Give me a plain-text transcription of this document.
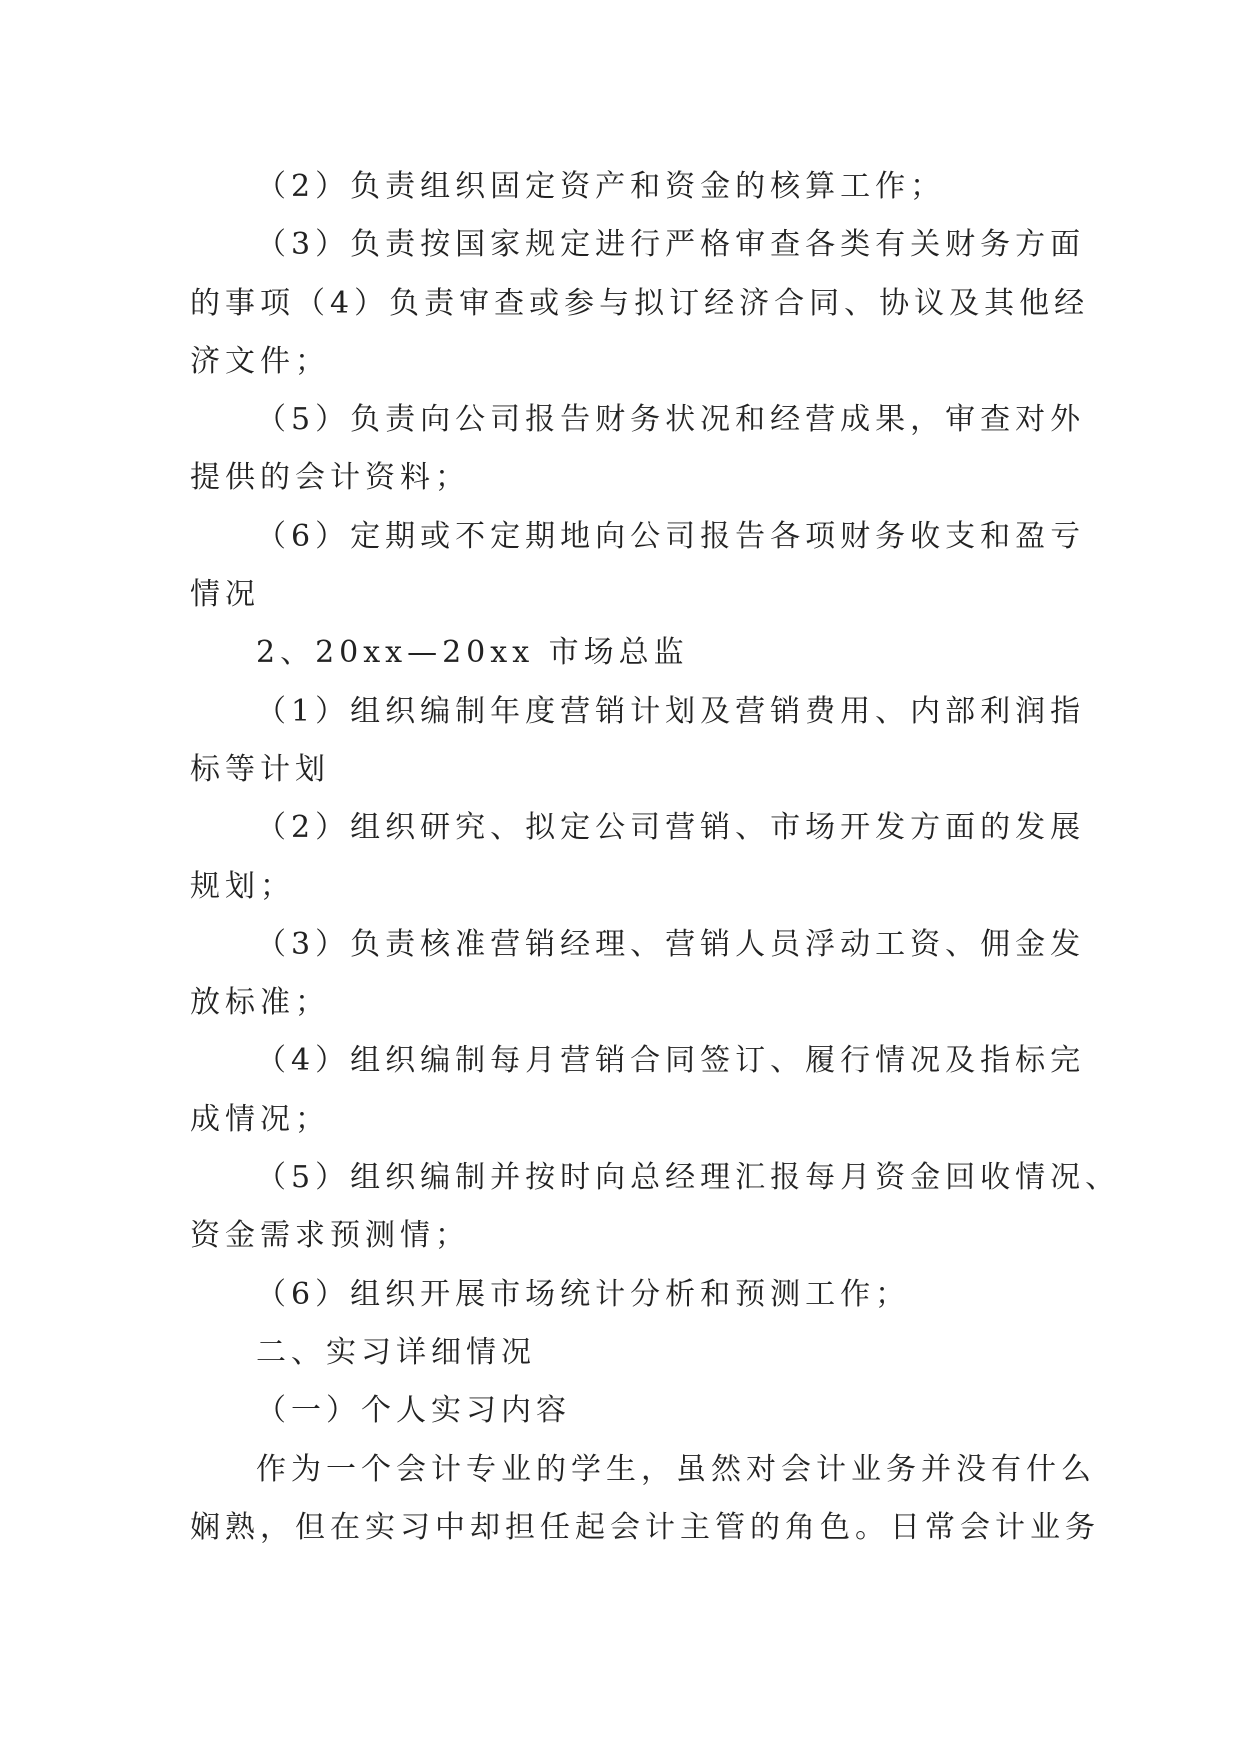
（2）负责组织固定资产和资金的核算工作；
（3）负责按国家规定进行严格审查各类有关财务方面
的事项（4）负责审查或参与拟订经济合同、协议及其他经
济文件；
（5）负责向公司报告财务状况和经营成果，审查对外
提供的会计资料；
（6）定期或不定期地向公司报告各项财务收支和盈亏
情况
2、20xx—20xx 市场总监
（1）组织编制年度营销计划及营销费用、内部利润指
标等计划
（2）组织研究、拟定公司营销、市场开发方面的发展
规划；
（3）负责核准营销经理、营销人员浮动工资、佣金发
放标准；
（4）组织编制每月营销合同签订、履行情况及指标完
成情况；
（5）组织编制并按时向总经理汇报每月资金回收情况、
资金需求预测情；
（6）组织开展市场统计分析和预测工作；
二、实习详细情况
（一）个人实习内容
作为一个会计专业的学生，虽然对会计业务并没有什么
娴熟，但在实习中却担任起会计主管的角色。日常会计业务
